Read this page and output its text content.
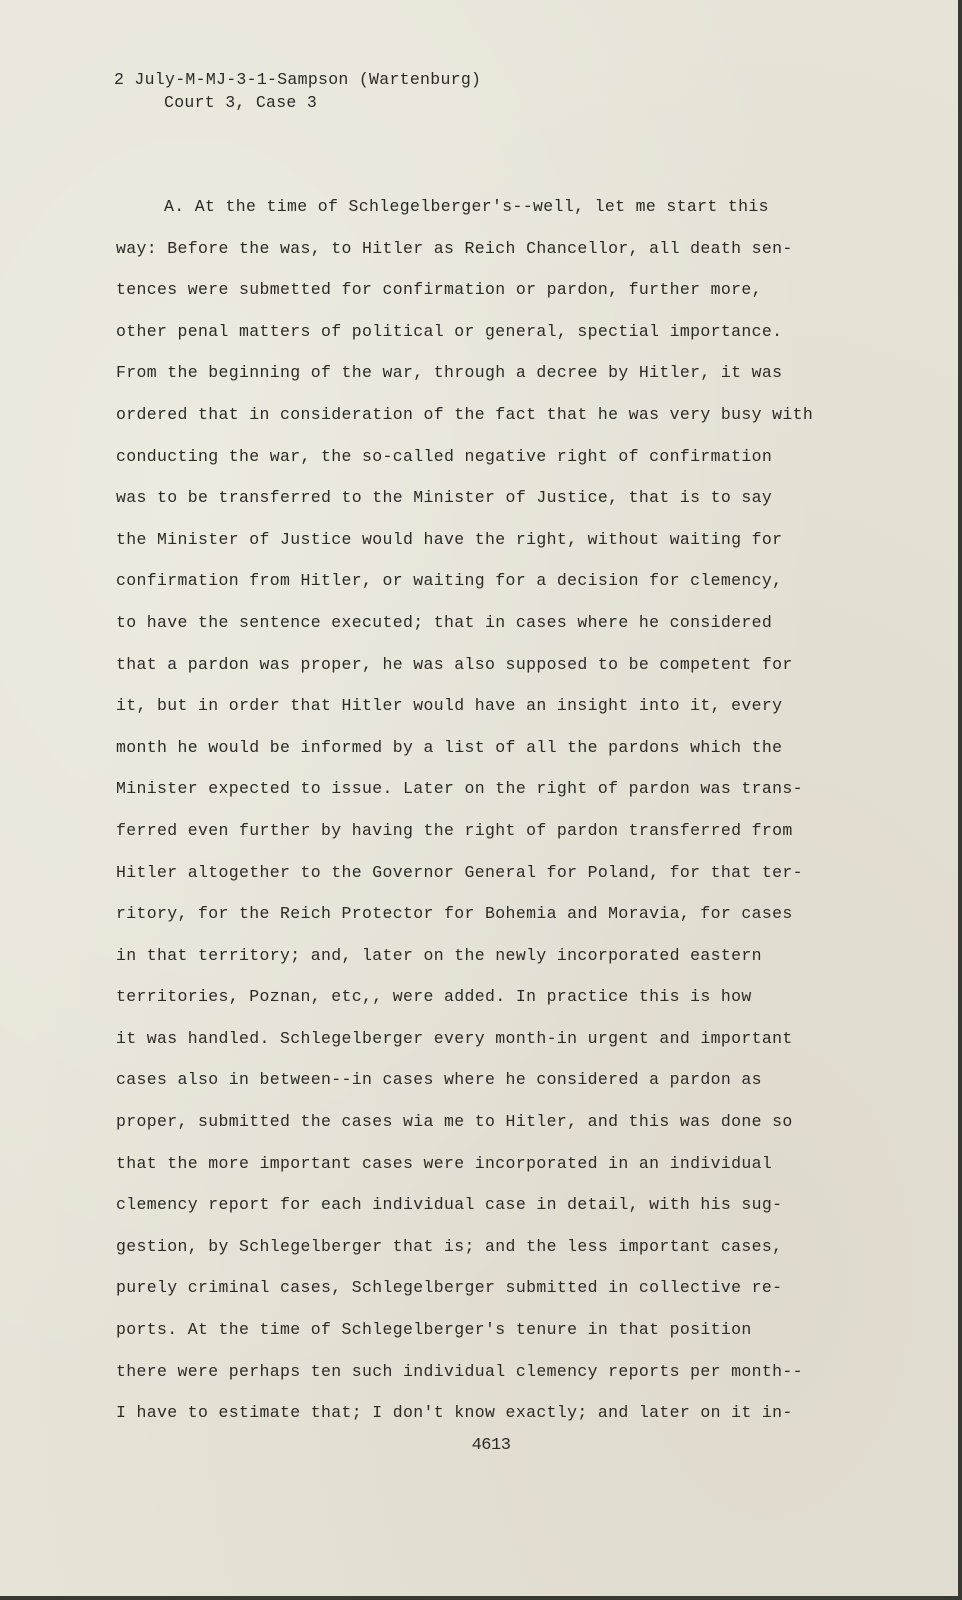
2 July-M-MJ-3-1-Sampson (Wartenburg)
Court 3, Case 3
A. At the time of Schlegelberger's--well, let me start this
way: Before the was, to Hitler as Reich Chancellor, all death sen-
tences were submetted for confirmation or pardon, further more,
other penal matters of political or general, spectial importance.
From the beginning of the war, through a decree by Hitler, it was
ordered that in consideration of the fact that he was very busy with
conducting the war, the so-called negative right of confirmation
was to be transferred to the Minister of Justice, that is to say
the Minister of Justice would have the right, without waiting for
confirmation from Hitler, or waiting for a decision for clemency,
to have the sentence executed; that in cases where he considered
that a pardon was proper, he was also supposed to be competent for
it, but in order that Hitler would have an insight into it, every
month he would be informed by a list of all the pardons which the
Minister expected to issue. Later on the right of pardon was trans-
ferred even further by having the right of pardon transferred from
Hitler altogether to the Governor General for Poland, for that ter-
ritory, for the Reich Protector for Bohemia and Moravia, for cases
in that territory; and, later on the newly incorporated eastern
territories, Poznan, etc,, were added. In practice this is how
it was handled. Schlegelberger every month-in urgent and important
cases also in between--in cases where he considered a pardon as
proper, submitted the cases wia me to Hitler, and this was done so
that the more important cases were incorporated in an individual
clemency report for each individual case in detail, with his sug-
gestion, by Schlegelberger that is; and the less important cases,
purely criminal cases, Schlegelberger submitted in collective re-
ports. At the time of Schlegelberger's tenure in that position
there were perhaps ten such individual clemency reports per month--
I have to estimate that; I don't know exactly; and later on it in-
4613
